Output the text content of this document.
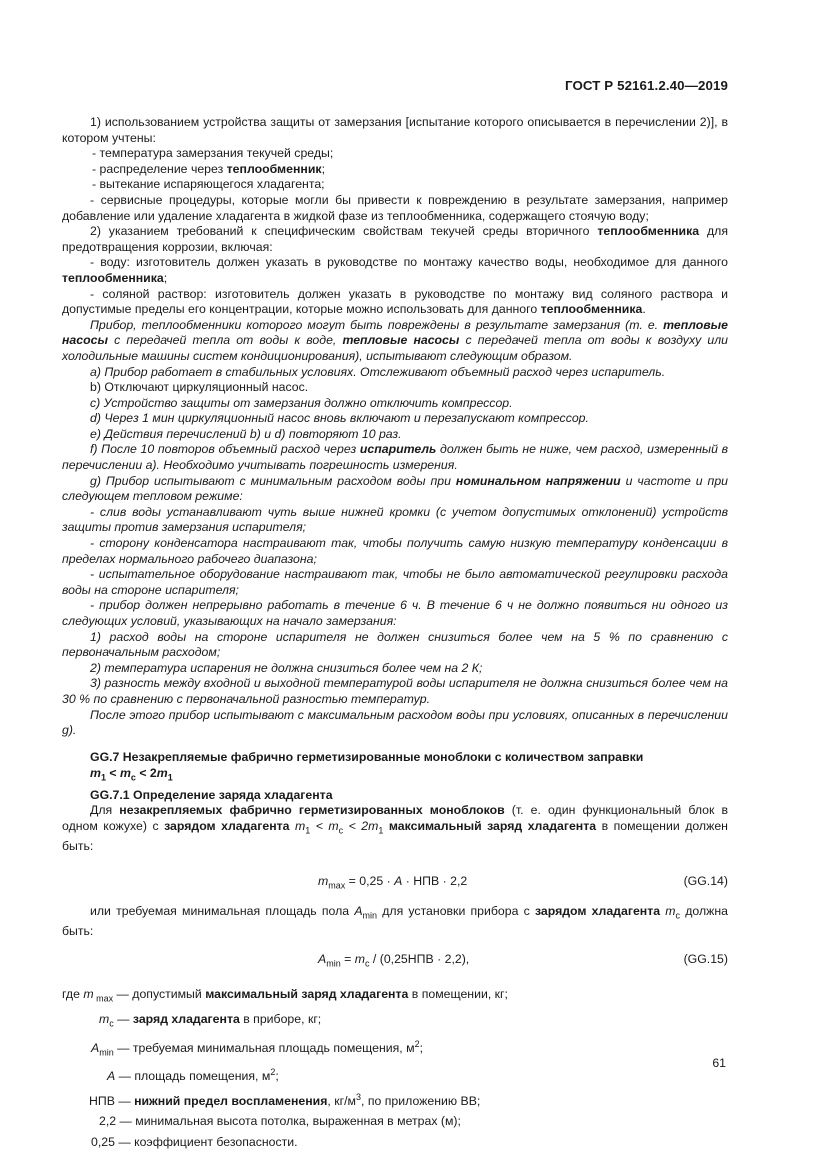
ГОСТ Р 52161.2.40—2019

1) использованием устройства защиты от замерзания [испытание которого описывается в перечислении 2)], в котором учтены:

- температура замерзания текучей среды;

- распределение через теплообменник;

- вытекание испаряющегося хладагента;

- сервисные процедуры, которые могли бы привести к повреждению в результате замерзания, например добавление или удаление хладагента в жидкой фазе из теплообменника, содержащего стоячую воду;

2) указанием требований к специфическим свойствам текучей среды вторичного теплообменника для предотвращения коррозии, включая:

- воду: изготовитель должен указать в руководстве по монтажу качество воды, необходимое для данного теплообменника;

- соляной раствор: изготовитель должен указать в руководстве по монтажу вид соляного раствора и допустимые пределы его концентрации, которые можно использовать для данного теплообменника.

Прибор, теплообменники которого могут быть повреждены в результате замерзания (т. е. тепловые насосы с передачей тепла от воды к воде, тепловые насосы с передачей тепла от воды к воздуху или холодильные машины систем кондиционирования), испытывают следующим образом.

a) Прибор работает в стабильных условиях. Отслеживают объемный расход через испаритель.

b) Отключают циркуляционный насос.

c) Устройство защиты от замерзания должно отключить компрессор.

d) Через 1 мин циркуляционный насос вновь включают и перезапускают компрессор.

e) Действия перечислений b) и d) повторяют 10 раз.

f) После 10 повторов объемный расход через испаритель должен быть не ниже, чем расход, измеренный в перечислении a). Необходимо учитывать погрешность измерения.

g) Прибор испытывают с минимальным расходом воды при номинальном напряжении и частоте и при следующем тепловом режиме:

- слив воды устанавливают чуть выше нижней кромки (с учетом допустимых отклонений) устройств защиты против замерзания испарителя;

- сторону конденсатора настраивают так, чтобы получить самую низкую температуру конденсации в пределах нормального рабочего диапазона;

- испытательное оборудование настраивают так, чтобы не было автоматической регулировки расхода воды на стороне испарителя;

- прибор должен непрерывно работать в течение 6 ч. В течение 6 ч не должно появиться ни одного из следующих условий, указывающих на начало замерзания:

1) расход воды на стороне испарителя не должен снизиться более чем на 5 % по сравнению с первоначальным расходом;

2) температура испарения не должна снизиться более чем на 2 К;

3) разность между входной и выходной температурой воды испарителя не должна снизиться более чем на 30 % по сравнению с первоначальной разностью температур.

После этого прибор испытывают с максимальным расходом воды при условиях, описанных в перечислении g).

GG.7 Незакрепляемые фабрично герметизированные моноблоки с количеством заправки
$m_1 < m_c < 2m_1$
GG.7.1 Определение заряда хладагента

Для незакрепляемых фабрично герметизированных моноблоков (т. е. один функциональный блок в одном кожухе) с зарядом хладагента $m_1 < m_c < 2m_1$ максимальный заряд хладагента в помещении должен быть:

$m_{max} = 0,25 \cdot A$ · НПВ · 2,2	(GG.14)

или требуемая минимальная площадь пола $A_{min}$ для установки прибора с зарядом хладагента $m_c$ должна быть:

$A_{min} = m_c / (0,25НПВ \cdot 2,2)$,	(GG.15)
где m $_{max}$ — допустимый максимальный заряд хладагента в помещении, кг;
$m_c$ — заряд хладагента в приборе, кг;
$A_{min}$ — требуемая минимальная площадь помещения, $м^2$;
A — площадь помещения, $м^2$;
НПВ — нижний предел воспламенения, $кг/м^3$, по приложению ВВ;
2,2 — минимальная высота потолка, выраженная в метрах (м);
0,25 — коэффициент безопасности.
61
